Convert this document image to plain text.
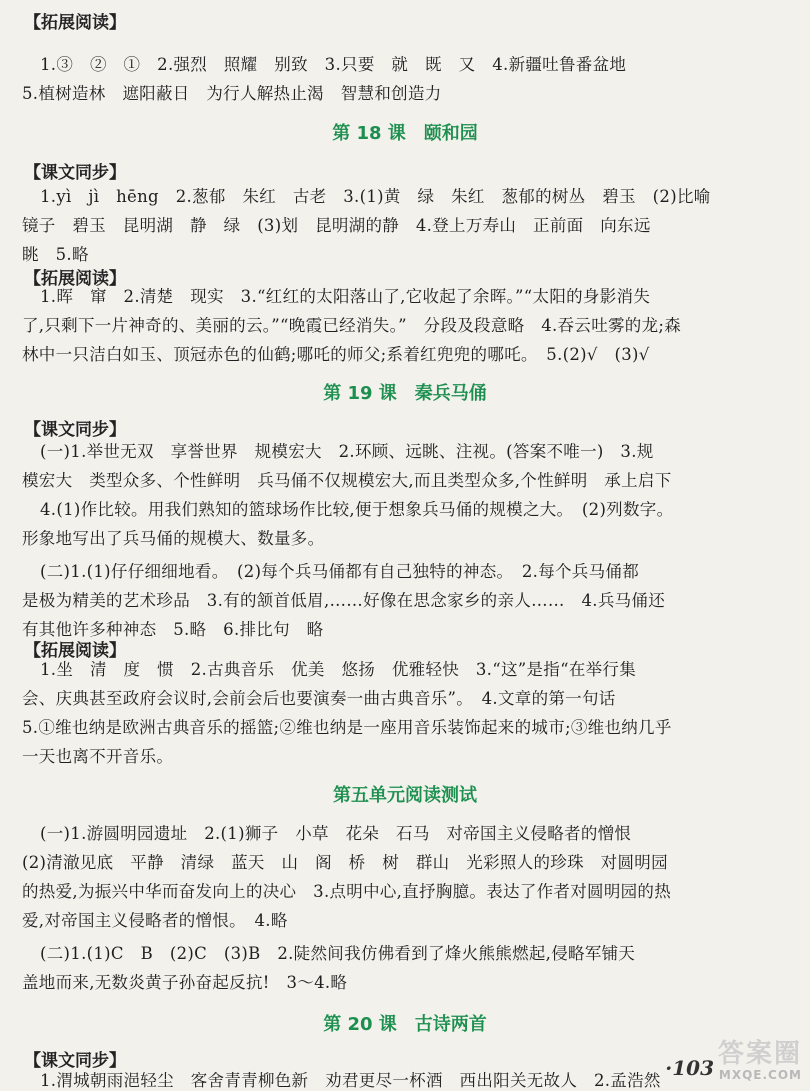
【拓展阅读】
1.③　②　①　2.强烈　照耀　别致　3.只要　就　既　又　4.新疆吐鲁番盆地
5.植树造林　遮阳蔽日　为行人解热止渴　智慧和创造力
第 18 课　颐和园
【课文同步】
1.yì　jì　hēng　2.葱郁　朱红　古老　3.(1)黄　绿　朱红　葱郁的树丛　碧玉　(2)比喻
镜子　碧玉　昆明湖　静　绿　(3)划　昆明湖的静　4.登上万寿山　正前面　向东远
眺　5.略
【拓展阅读】
1.晖　窜　2.清楚　现实　3.“红红的太阳落山了,它收起了余晖。”“太阳的身影消失
了,只剩下一片神奇的、美丽的云。”“晚霞已经消失。”　分段及段意略　4.吞云吐雾的龙;森
林中一只洁白如玉、顶冠赤色的仙鹤;哪吒的师父;系着红兜兜的哪吒。　5.(2)√　(3)√
第 19 课　秦兵马俑
【课文同步】
(一)1.举世无双　享誉世界　规模宏大　2.环顾、远眺、注视。(答案不唯一)　3.规
模宏大　类型众多、个性鲜明　兵马俑不仅规模宏大,而且类型众多,个性鲜明　承上启下
4.(1)作比较。用我们熟知的篮球场作比较,便于想象兵马俑的规模之大。　(2)列数字。
形象地写出了兵马俑的规模大、数量多。
(二)1.(1)仔仔细细地看。　(2)每个兵马俑都有自己独特的神态。　2.每个兵马俑都
是极为精美的艺术珍品　3.有的颔首低眉,……好像在思念家乡的亲人……　4.兵马俑还
有其他许多种神态　5.略　6.排比句　略
【拓展阅读】
1.坐　清　度　惯　2.古典音乐　优美　悠扬　优雅轻快　3.“这”是指“在举行集
会、庆典甚至政府会议时,会前会后也要演奏一曲古典音乐”。　4.文章的第一句话
5.①维也纳是欧洲古典音乐的摇篮;②维也纳是一座用音乐装饰起来的城市;③维也纳几乎
一天也离不开音乐。
第五单元阅读测试
(一)1.游圆明园遗址　2.(1)狮子　小草　花朵　石马　对帝国主义侵略者的憎恨
(2)清澈见底　平静　清绿　蓝天　山　阁　桥　树　群山　光彩照人的珍珠　对圆明园
的热爱,为振兴中华而奋发向上的决心　3.点明中心,直抒胸臆。表达了作者对圆明园的热
爱,对帝国主义侵略者的憎恨。　4.略
(二)1.(1)C　B　(2)C　(3)B　2.陡然间我仿佛看到了烽火熊熊燃起,侵略军铺天
盖地而来,无数炎黄子孙奋起反抗!　3～4.略
第 20 课　古诗两首
【课文同步】
1.渭城朝雨浥轻尘　客舍青青柳色新　劝君更尽一杯酒　西出阳关无故人　2.孟浩然
·103 答案圈
MXQE.COM
